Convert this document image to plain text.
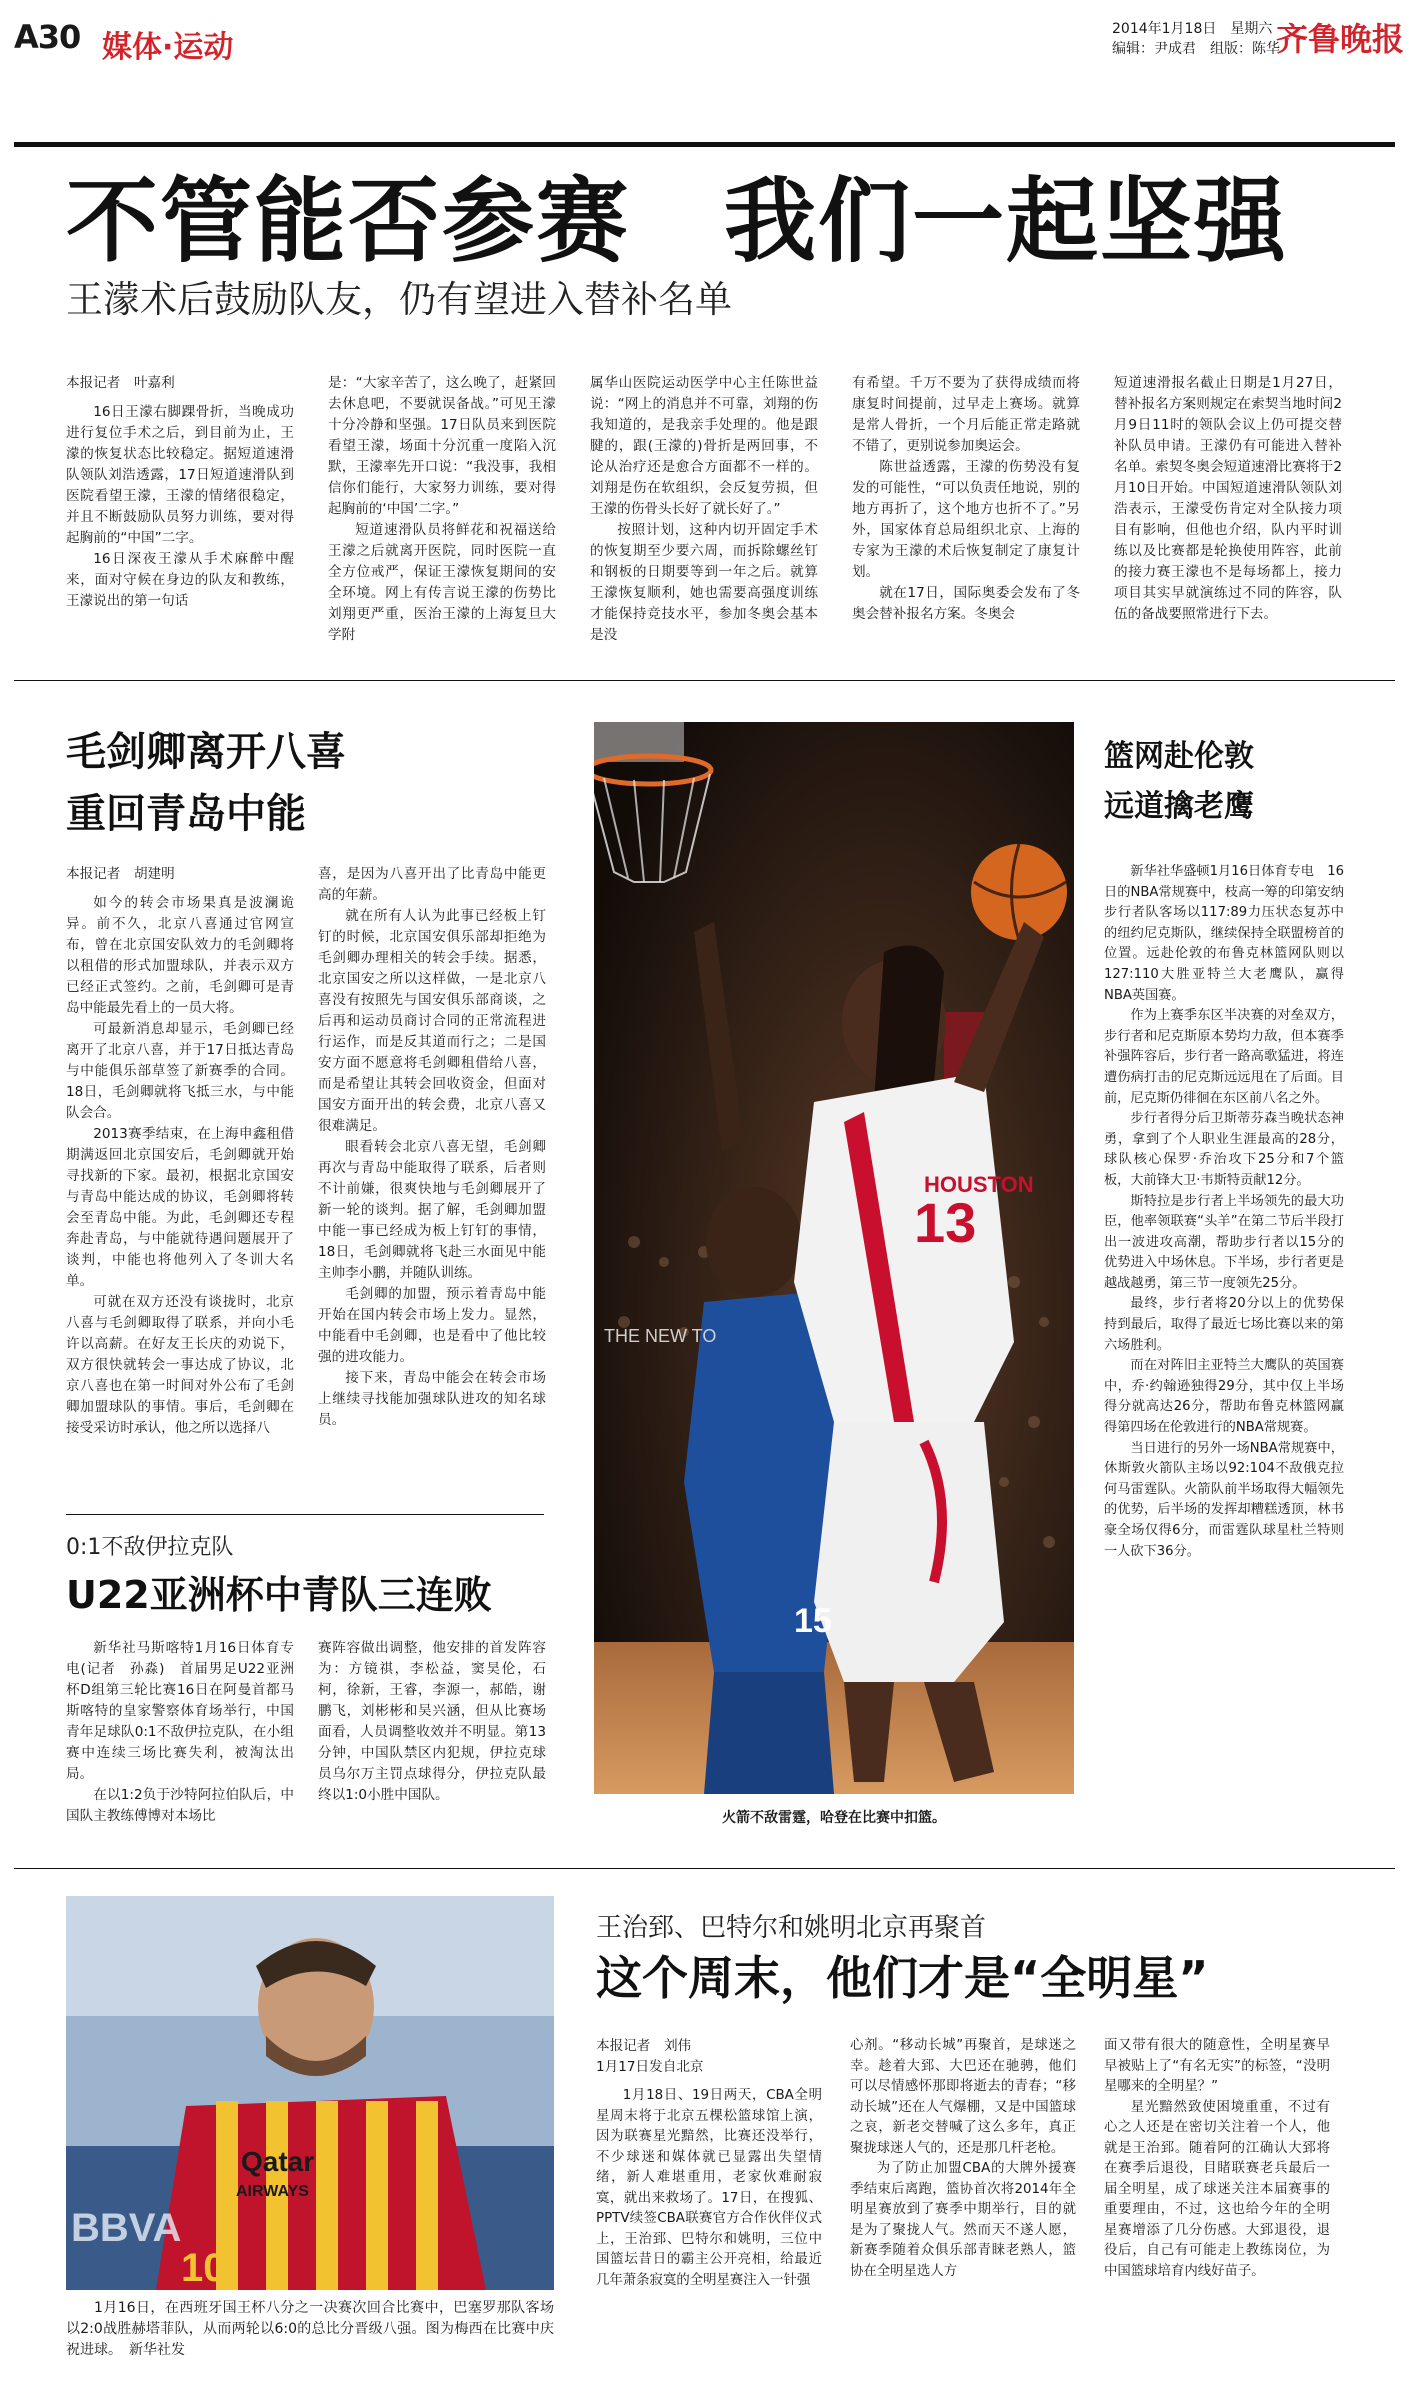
A30 媒体·运动
2014年1月18日　星期六
编辑：尹成君　组版：陈华
齐鲁晚报
不管能否参赛　我们一起坚强
王濛术后鼓励队友，仍有望进入替补名单

本报记者　叶嘉利

16日王濛右脚踝骨折，当晚成功进行复位手术之后，到目前为止，王濛的恢复状态比较稳定。据短道速滑队领队刘浩透露，17日短道速滑队到医院看望王濛，王濛的情绪很稳定，并且不断鼓励队员努力训练，要对得起胸前的“中国”二字。

16日深夜王濛从手术麻醉中醒来，面对守候在身边的队友和教练，王濛说出的第一句话

是：“大家辛苦了，这么晚了，赶紧回去休息吧，不要就误备战。”可见王濛十分冷静和坚强。17日队员来到医院看望王濛，场面十分沉重一度陷入沉默，王濛率先开口说：“我没事，我相信你们能行，大家努力训练，要对得起胸前的‘中国’二字。”

短道速滑队员将鲜花和祝福送给王濛之后就离开医院，同时医院一直全方位戒严，保证王濛恢复期间的安全环境。网上有传言说王濛的伤势比刘翔更严重，医治王濛的上海复旦大学附

属华山医院运动医学中心主任陈世益说：“网上的消息并不可靠，刘翔的伤我知道的，是我亲手处理的。他是跟腱的，跟(王濛的)骨折是两回事，不论从治疗还是愈合方面都不一样的。刘翔是伤在软组织，会反复劳损，但王濛的伤骨头长好了就长好了。”

按照计划，这种内切开固定手术的恢复期至少要六周，而拆除螺丝钉和钢板的日期要等到一年之后。就算王濛恢复顺利，她也需要高强度训练才能保持竞技水平，参加冬奥会基本是没

有希望。千万不要为了获得成绩而将康复时间提前，过早走上赛场。就算是常人骨折，一个月后能正常走路就不错了，更别说参加奥运会。

陈世益透露，王濛的伤势没有复发的可能性，“可以负责任地说，别的地方再折了，这个地方也折不了。”另外，国家体育总局组织北京、上海的专家为王濛的术后恢复制定了康复计划。

就在17日，国际奥委会发布了冬奥会替补报名方案。冬奥会

短道速滑报名截止日期是1月27日，替补报名方案则规定在索契当地时间2月9日11时的领队会议上仍可提交替补队员申请。王濛仍有可能进入替补名单。索契冬奥会短道速滑比赛将于2月10日开始。中国短道速滑队领队刘浩表示，王濛受伤肯定对全队接力项目有影响，但他也介绍，队内平时训练以及比赛都是轮换使用阵容，此前的接力赛王濛也不是每场都上，接力项目其实早就演练过不同的阵容，队伍的备战要照常进行下去。

毛剑卿离开八喜
重回青岛中能

本报记者　胡建明

如今的转会市场果真是波澜诡异。前不久，北京八喜通过官网宣布，曾在北京国安队效力的毛剑卿将以租借的形式加盟球队，并表示双方已经正式签约。之前，毛剑卿可是青岛中能最先看上的一员大将。

可最新消息却显示，毛剑卿已经离开了北京八喜，并于17日抵达青岛与中能俱乐部草签了新赛季的合同。18日，毛剑卿就将飞抵三水，与中能队会合。

2013赛季结束，在上海申鑫租借期满返回北京国安后，毛剑卿就开始寻找新的下家。最初，根据北京国安与青岛中能达成的协议，毛剑卿将转会至青岛中能。为此，毛剑卿还专程奔赴青岛，与中能就待遇问题展开了谈判，中能也将他列入了冬训大名单。

可就在双方还没有谈拢时，北京八喜与毛剑卿取得了联系，并向小毛许以高薪。在好友王长庆的劝说下，双方很快就转会一事达成了协议，北京八喜也在第一时间对外公布了毛剑卿加盟球队的事情。事后，毛剑卿在接受采访时承认，他之所以选择八

喜，是因为八喜开出了比青岛中能更高的年薪。

就在所有人认为此事已经板上钉钉的时候，北京国安俱乐部却拒绝为毛剑卿办理相关的转会手续。据悉，北京国安之所以这样做，一是北京八喜没有按照先与国安俱乐部商谈，之后再和运动员商讨合同的正常流程进行运作，而是反其道而行之；二是国安方面不愿意将毛剑卿租借给八喜，而是希望让其转会回收资金，但面对国安方面开出的转会费，北京八喜又很难满足。

眼看转会北京八喜无望，毛剑卿再次与青岛中能取得了联系，后者则不计前嫌，很爽快地与毛剑卿展开了新一轮的谈判。据了解，毛剑卿加盟中能一事已经成为板上钉钉的事情，18日，毛剑卿就将飞赴三水面见中能主帅李小鹏，并随队训练。

毛剑卿的加盟，预示着青岛中能开始在国内转会市场上发力。显然，中能看中毛剑卿，也是看中了他比较强的进攻能力。

接下来，青岛中能会在转会市场上继续寻找能加强球队进攻的知名球员。

0:1不敌伊拉克队
U22亚洲杯中青队三连败

新华社马斯喀特1月16日体育专电(记者　孙淼)　首届男足U22亚洲杯D组第三轮比赛16日在阿曼首都马斯喀特的皇家警察体育场举行，中国青年足球队0:1不敌伊拉克队，在小组赛中连续三场比赛失利，被淘汰出局。

在以1:2负于沙特阿拉伯队后，中国队主教练傅博对本场比

赛阵容做出调整，他安排的首发阵容为：方镜祺，李松益，窦昊伦，石柯，徐新，王睿，李源一，郝皓，谢鹏飞，刘彬彬和吴兴涵，但从比赛场面看，人员调整收效并不明显。第13分钟，中国队禁区内犯规，伊拉克球员乌尔万主罚点球得分，伊拉克队最终以1:0小胜中国队。

HOUSTON
13
THE NEW TO
15
火箭不敌雷霆，哈登在比赛中扣篮。
篮网赴伦敦
远道擒老鹰

新华社华盛顿1月16日体育专电　16日的NBA常规赛中，枝高一筹的印第安纳步行者队客场以117:89力压状态复苏中的纽约尼克斯队，继续保持全联盟榜首的位置。远赴伦敦的布鲁克林篮网队则以127:110大胜亚特兰大老鹰队，赢得NBA英国赛。

作为上赛季东区半决赛的对垒双方，步行者和尼克斯原本势均力敌，但本赛季补强阵容后，步行者一路高歌猛进，将连遭伤病打击的尼克斯远远甩在了后面。目前，尼克斯仍徘徊在东区前八名之外。

步行者得分后卫斯蒂芬森当晚状态神勇，拿到了个人职业生涯最高的28分，球队核心保罗·乔治攻下25分和7个篮板，大前锋大卫·韦斯特贡献12分。

斯特拉是步行者上半场领先的最大功臣，他率领联赛“头羊”在第二节后半段打出一波进攻高潮，帮助步行者以15分的优势进入中场休息。下半场，步行者更是越战越勇，第三节一度领先25分。

最终，步行者将20分以上的优势保持到最后，取得了最近七场比赛以来的第六场胜利。

而在对阵旧主亚特兰大鹰队的英国赛中，乔·约翰逊独得29分，其中仅上半场得分就高达26分，帮助布鲁克林篮网赢得第四场在伦敦进行的NBA常规赛。

当日进行的另外一场NBA常规赛中，休斯敦火箭队主场以92:104不敌俄克拉何马雷霆队。火箭队前半场取得大幅领先的优势，后半场的发挥却糟糕透顶，林书豪全场仅得6分，而雷霆队球星杜兰特则一人砍下36分。

Qatar
AIRWAYS
10
BBVA

1月16日，在西班牙国王杯八分之一决赛次回合比赛中，巴塞罗那队客场以2:0战胜赫塔菲队，从而两轮以6:0的总比分晋级八强。图为梅西在比赛中庆祝进球。　新华社发

王治郅、巴特尔和姚明北京再聚首
这个周末，他们才是“全明星”

本报记者　刘伟

1月17日发自北京

1月18日、19日两天，CBA全明星周末将于北京五棵松篮球馆上演，因为联赛星光黯然，比赛还没举行，不少球迷和媒体就已显露出失望情绪，新人难堪重用，老家伙难耐寂寞，就出来救场了。17日，在搜狐、PPTV续签CBA联赛官方合作伙伴仪式上，王治郅、巴特尔和姚明，三位中国篮坛昔日的霸主公开亮相，给最近几年萧条寂寞的全明星赛注入一针强

心剂。“移动长城”再聚首，是球迷之幸。趁着大郅、大巴还在驰骋，他们可以尽情感怀那即将逝去的青春；“移动长城”还在人气爆棚，又是中国篮球之哀，新老交替喊了这么多年，真正聚拢球迷人气的，还是那几杆老枪。

为了防止加盟CBA的大牌外援赛季结束后离跑，篮协首次将2014年全明星赛放到了赛季中期举行，目的就是为了聚拢人气。然而天不遂人愿，新赛季随着众俱乐部青睐老熟人，篮协在全明星选人方

面又带有很大的随意性，全明星赛早早被贴上了“有名无实”的标签，“没明星哪来的全明星？”

星光黯然致使困境重重，不过有心之人还是在密切关注着一个人，他就是王治郅。随着阿的江确认大郅将在赛季后退役，目睹联赛老兵最后一届全明星，成了球迷关注本届赛事的重要理由，不过，这也给今年的全明星赛增添了几分伤感。大郅退役，退役后，自己有可能走上教练岗位，为中国篮球培育内线好苗子。
